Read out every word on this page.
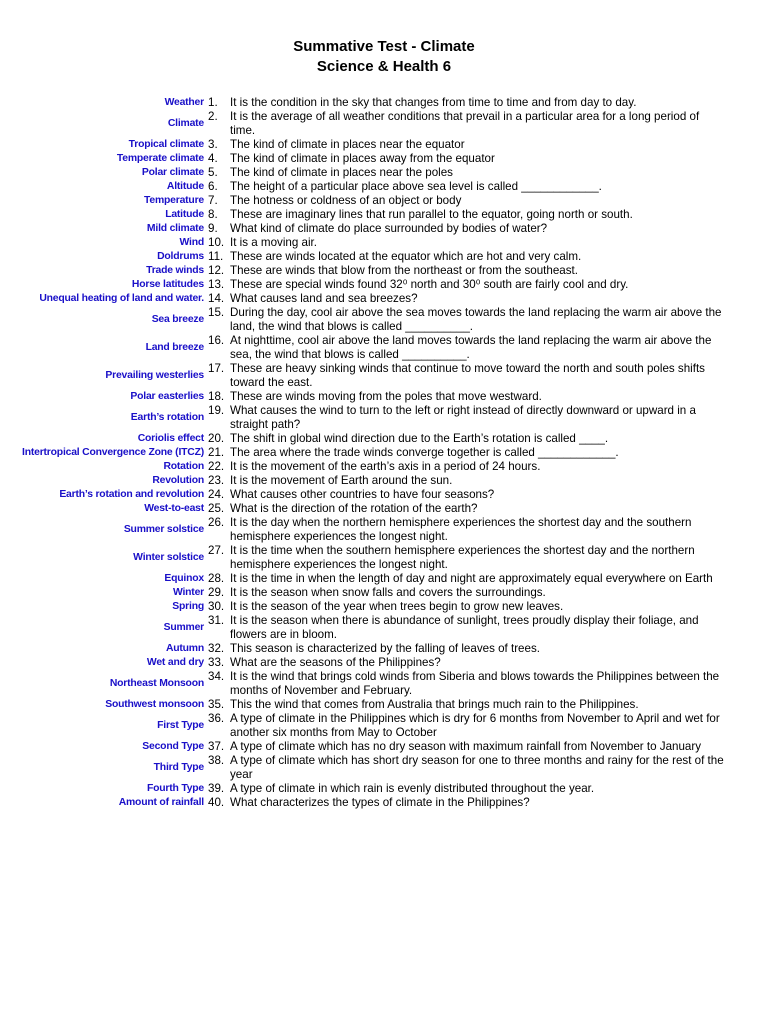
Summative Test - Climate
Science & Health 6
Weather 1.	It is the condition in the sky that changes from time to time and from day to day.
Climate
2.	It is the average of all weather conditions that prevail in a particular area for a long period of time.
Tropical climate 3.	The kind of climate in places near the equator
Temperate climate 4.	The kind of climate in places away from the equator
Polar climate 5.	The kind of climate in places near the poles
Altitude 6.	The height of a particular place above sea level is called ____________.
Temperature 7.	The hotness or coldness of an object or body
Latitude 8.	These are imaginary lines that run parallel to the equator, going north or south.
Mild climate 9.	What kind of climate do place surrounded by bodies of water?
Wind 10. It is a moving air.
Doldrums 11. These are winds located at the equator which are hot and very calm.
Trade winds 12. These are winds that blow from the northeast or from the southeast.
Horse latitudes 13. These are special winds found 32⁰ north and 30⁰ south are fairly cool and dry.
Unequal heating of land and water. 14. What causes land and sea breezes?
Sea breeze
15. During the day, cool air above the sea moves towards the land replacing the warm air above the land, the wind that blows is called __________.
Land breeze
16. At nighttime, cool air above the land moves towards the land replacing the warm air above the sea, the wind that blows is called __________.
Prevailing westerlies
17. These are heavy sinking winds that continue to move toward the north and south poles shifts toward the east.
Polar easterlies 18. These are winds moving from the poles that move westward.
Earth’s rotation
19. What causes the wind to turn to the left or right instead of directly downward or upward in a straight path?
Coriolis effect 20. The shift in global wind direction due to the Earth’s rotation is called ____.
Intertropical Convergence Zone (ITCZ) 21. The area where the trade winds converge together is called ____________.
Rotation 22. It is the movement of the earth’s axis in a period of 24 hours.
Revolution 23. It is the movement of Earth around the sun.
Earth’s rotation and revolution 24. What causes other countries to have four seasons?
West-to-east 25. What is the direction of the rotation of the earth?
Summer solstice
26. It is the day when the northern hemisphere experiences the shortest day and the southern hemisphere experiences the longest night.
Winter solstice
27. It is the time when the southern hemisphere experiences the shortest day and the northern hemisphere experiences the longest night.
Equinox 28. It is the time in when the length of day and night are approximately equal everywhere on Earth
Winter 29. It is the season when snow falls and covers the surroundings.
Spring 30. It is the season of the year when trees begin to grow new leaves.
Summer
31. It is the season when there is abundance of sunlight, trees proudly display their foliage, and flowers are in bloom.
Autumn 32. This season is characterized by the falling of leaves of trees.
Wet and dry 33. What are the seasons of the Philippines?
Northeast Monsoon
34. It is the wind that brings cold winds from Siberia and blows towards the Philippines between the months of November and February.
Southwest monsoon 35. This the wind that comes from Australia that brings much rain to the Philippines.
First Type
36. A type of climate in the Philippines which is dry for 6 months from November to April and wet for another six months from May to October
Second Type 37. A type of climate which has no dry season with maximum rainfall from November to January
Third Type
38. A type of climate which has short dry season for one to three months and rainy for the rest of the year
Fourth Type 39. A type of climate in which rain is evenly distributed throughout the year.
Amount of rainfall 40. What characterizes the types of climate in the Philippines?
